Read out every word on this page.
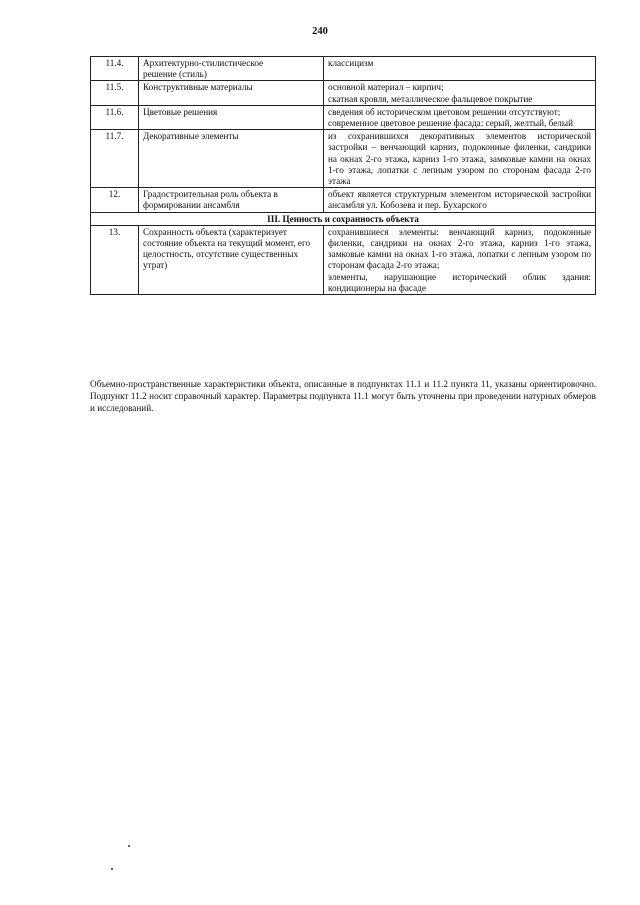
240
11.4.	Архитектурно-стилистическое
решение (стиль)	классицизм

11.5.	Конструктивные материалы	основной материал – кирпич;
скатная кровля, металлическое фальцевое покрытие

11.6.	Цветовые решения	сведения об историческом цветовом решении отсутствуют;
современное цветовое решение фасада: серый, желтый, белый

11.7.	Декоративные элементы	из сохранившихся декоративных элементов исторической застройки – венчающий карниз, подоконные филенки, сандрики на окнах 2-го этажа, карниз 1-го этажа, замковые камни на окнах 1-го этажа, лопатки с лепным узором по сторонам фасада 2-го этажа

12.	Градостроительная роль объекта в
формировании ансамбля	объект является структурным элементом исторической застройки ансамбля ул. Кобозева и пер. Бухарского

III. Ценность и сохранность объекта		
13.	Сохранность объекта (характеризует состояние объекта на текущий момент, его целостность, отсутствие существенных утрат)	сохранившиеся элементы: венчающий карниз, подоконные филенки, сандрики на окнах 2-го этажа, карниз 1-го этажа, замковые камни на окнах 1-го этажа, лопатки с лепным узором по сторонам фасада 2-го этажа;
элементы, нарушающие исторический облик здания: кондиционеры на фасаде
Объемно-пространственные характеристики объекта, описанные в подпунктах 11.1 и 11.2 пункта 11, указаны ориентировочно. Подпункт 11.2 носит справочный характер. Параметры подпункта 11.1 могут быть уточнены при проведении натурных обмеров и исследований.
